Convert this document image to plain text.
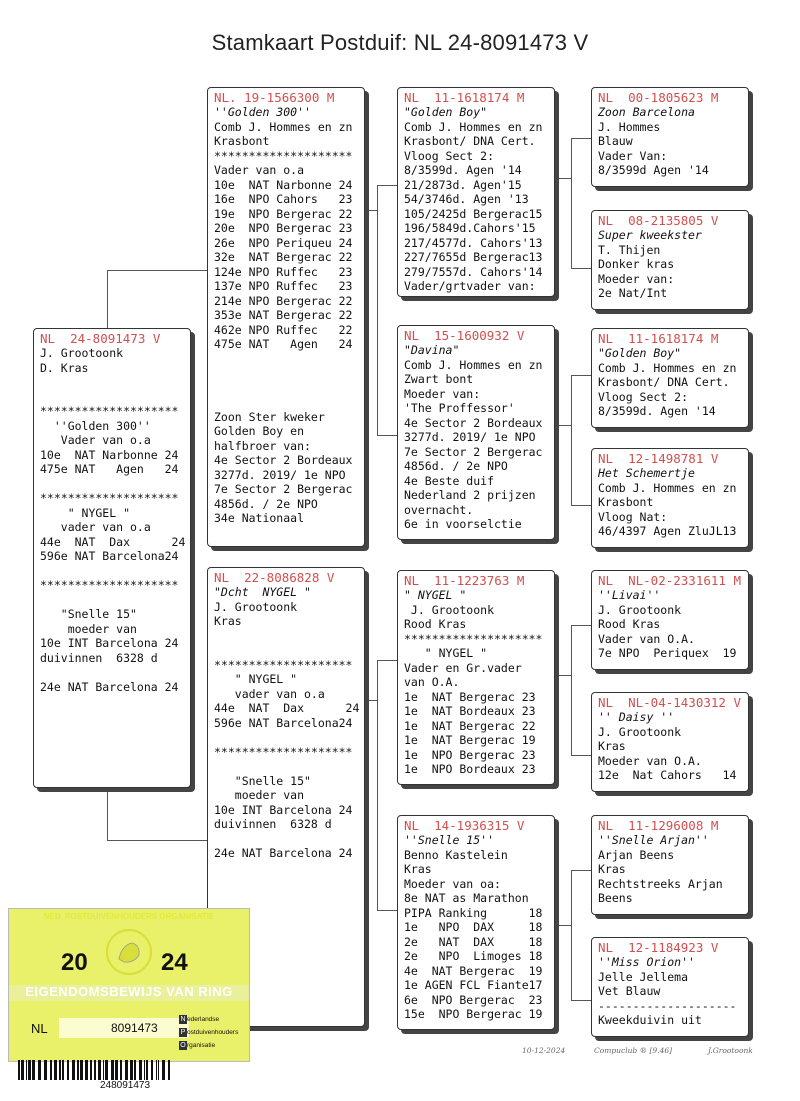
Stamkaart Postduif: NL 24-8091473 V
NL  24-8091473 V
J. Grootoonk
D. Kras

********************
''Golden 300''
Vader van o.a
10e  NAT Narbonne 24
475e NAT   Agen   24

********************
" NYGEL "
vader van o.a
44e  NAT  Dax      24
596e NAT Barcelona24

********************

"Snelle 15"
moeder van
10e INT Barcelona 24
duivinnen  6328 d

24e NAT Barcelona 24
NL. 19-1566300 M
''Golden 300''
Comb J. Hommes en zn
Krasbont
********************
Vader van o.a
10e  NAT Narbonne 24
16e  NPO Cahors   23
19e  NPO Bergerac 22
20e  NPO Bergerac 23
26e  NPO Periqueu 24
32e  NAT Bergerac 22
124e NPO Ruffec   23
137e NPO Ruffec   23
214e NPO Bergerac 22
353e NAT Bergerac 22
462e NPO Ruffec   22
475e NAT   Agen   24

Zoon Ster kweker
Golden Boy en
halfbroer van:
4e Sector 2 Bordeaux
3277d. 2019/ 1e NPO
7e Sector 2 Bergerac
4856d. / 2e NPO
34e Nationaal
NL  22-8086828 V
"Dcht  NYGEL "
J. Grootoonk
Kras

********************
" NYGEL "
vader van o.a
44e  NAT  Dax      24
596e NAT Barcelona24

********************

"Snelle 15"
moeder van
10e INT Barcelona 24
duivinnen  6328 d

24e NAT Barcelona 24
NL  11-1618174 M
"Golden Boy"
Comb J. Hommes en zn
Krasbont/ DNA Cert.
Vloog Sect 2:
8/3599d. Agen '14
21/2873d. Agen'15
54/3746d. Agen '13
105/2425d Bergerac15
196/5849d.Cahors'15
217/4577d. Cahors'13
227/7655d Bergerac13
279/7557d. Cahors'14
Vader/grtvader van:
NL  15-1600932 V
"Davina"
Comb J. Hommes en zn
Zwart bont
Moeder van:
'The Proffessor'
4e Sector 2 Bordeaux
3277d. 2019/ 1e NPO
7e Sector 2 Bergerac
4856d. / 2e NPO
4e Beste duif
Nederland 2 prijzen
overnacht.
6e in voorselctie
NL  11-1223763 M
" NYGEL "
J. Grootoonk
Rood Kras
********************
" NYGEL "
Vader en Gr.vader
van O.A.
1e  NAT Bergerac 23
1e  NAT Bordeaux 23
1e  NAT Bergerac 22
1e  NAT Bergerac 19
1e  NPO Bergerac 23
1e  NPO Bordeaux 23
NL  14-1936315 V
''Snelle 15''
Benno Kastelein
Kras
Moeder van oa:
8e NAT as Marathon
PIPA Ranking      18
1e   NPO  DAX     18
2e   NAT  DAX     18
2e   NPO  Limoges 18
4e  NAT Bergerac  19
1e AGEN FCL Fiante17
6e  NPO Bergerac  23
15e  NPO Bergerac 19
NL  00-1805623 M
Zoon Barcelona
J. Hommes
Blauw
Vader Van:
8/3599d Agen '14
NL  08-2135805 V
Super kweekster
T. Thijen
Donker kras
Moeder van:
2e Nat/Int
NL  11-1618174 M
"Golden Boy"
Comb J. Hommes en zn
Krasbont/ DNA Cert.
Vloog Sect 2:
8/3599d. Agen '14
NL  12-1498781 V
Het Schemertje
Comb J. Hommes en zn
Krasbont
Vloog Nat:
46/4397 Agen ZluJL13
NL  NL-02-2331611 M
''Livai''
J. Grootoonk
Rood Kras
Vader van O.A.
7e NPO  Periquex  19
NL  NL-04-1430312 V
'' Daisy ''
J. Grootoonk
Kras
Moeder van O.A.
12e  Nat Cahors   14
NL  11-1296008 M
''Snelle Arjan''
Arjan Beens
Kras
Rechtstreeks Arjan
Beens
NL  12-1184923 V
''Miss Orion''
Jelle Jellema
Vet Blauw
--------------------
Kweekduivin uit
10-12-2024	Compuclub ® [9.46]	J.Grootoonk
NED. POSTDUIVENHOUDERS ORGANISATIE
20	24
EIGENDOMSBEWIJS VAN RING
NL	8091473
N ederlandse
P ostduivenhouders
O rganisatie
248091473
